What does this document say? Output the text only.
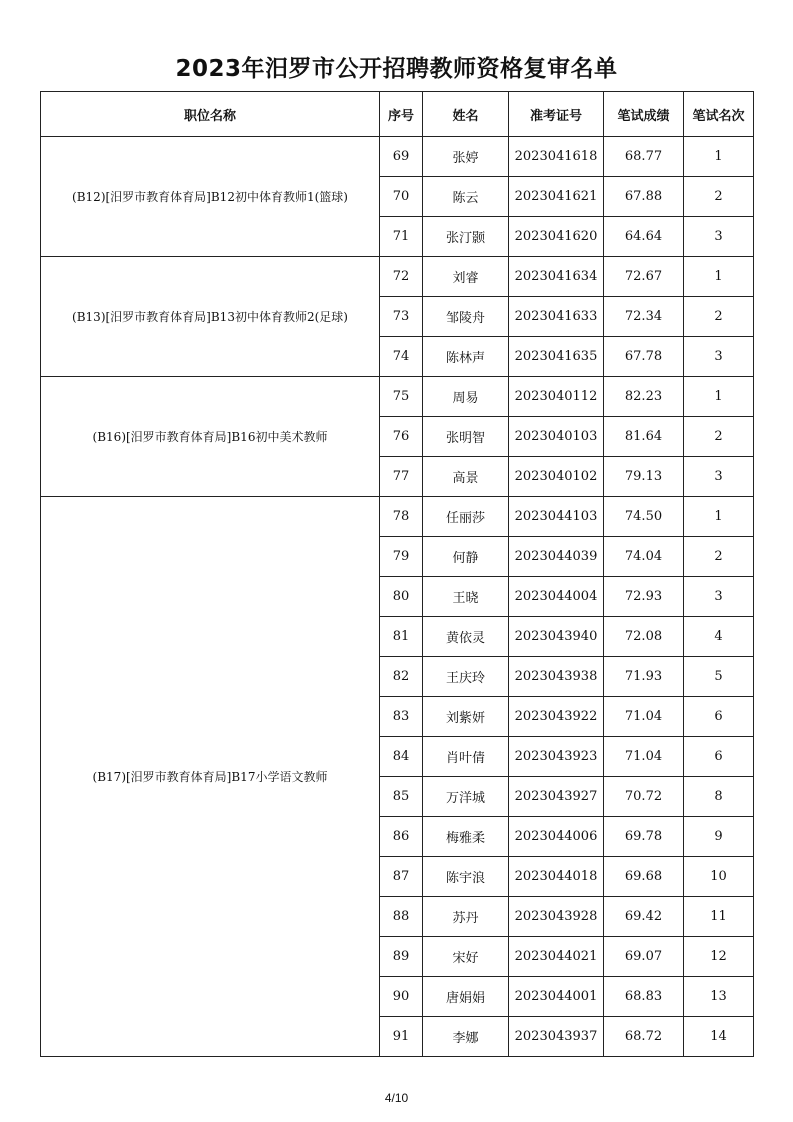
2023年汨罗市公开招聘教师资格复审名单
职位名称	序号	姓名	准考证号	笔试成绩	笔试名次
(B12)[汨罗市教育体育局]B12初中体育教师1(篮球)	69	张婷	2023041618	68.77	1
	70	陈云	2023041621	67.88	2
	71	张汀颢	2023041620	64.64	3
(B13)[汨罗市教育体育局]B13初中体育教师2(足球)	72	刘睿	2023041634	72.67	1
	73	邹陵舟	2023041633	72.34	2
	74	陈林声	2023041635	67.78	3
(B16)[汨罗市教育体育局]B16初中美术教师	75	周易	2023040112	82.23	1
	76	张明智	2023040103	81.64	2
	77	高景	2023040102	79.13	3
(B17)[汨罗市教育体育局]B17小学语文教师	78	任丽莎	2023044103	74.50	1
	79	何静	2023044039	74.04	2
	80	王晓	2023044004	72.93	3
	81	黄依灵	2023043940	72.08	4
	82	王庆玲	2023043938	71.93	5
	83	刘紫妍	2023043922	71.04	6
	84	肖叶倩	2023043923	71.04	6
	85	万洋城	2023043927	70.72	8
	86	梅雅柔	2023044006	69.78	9
	87	陈宇浪	2023044018	69.68	10
	88	苏丹	2023043928	69.42	11
	89	宋好	2023044021	69.07	12
	90	唐娟娟	2023044001	68.83	13
	91	李娜	2023043937	68.72	14
4/10
